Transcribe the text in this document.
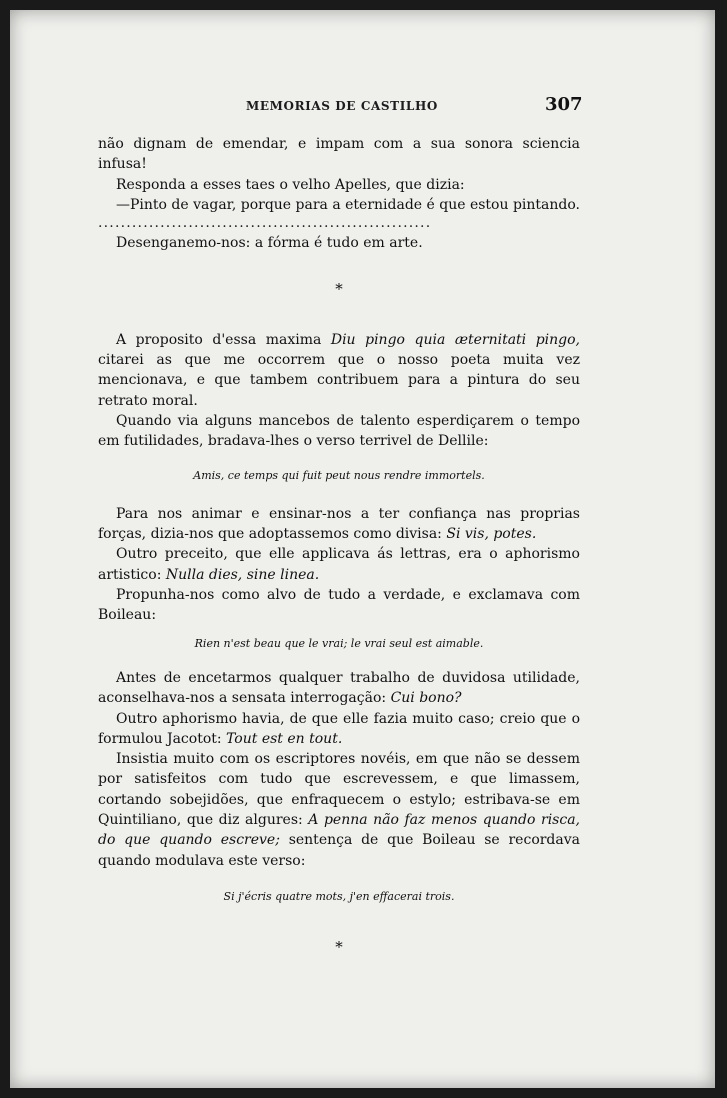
MEMORIAS DE CASTILHO	307

não dignam de emendar, e impam com a sua sonora sciencia infusa!

Responda a esses taes o velho Apelles, que dizia:

—Pinto de vagar, porque para a eternidade é que estou pintando.

...........................................................

Desenganemo-nos: a fórma é tudo em arte.

*

A proposito d'essa maxima Diu pingo quia æternitati pingo, citarei as que me occorrem que o nosso poeta muita vez mencionava, e que tambem contribuem para a pintura do seu retrato moral.

Quando via alguns mancebos de talento esperdiçarem o tempo em futilidades, bradava-lhes o verso terrivel de Dellile:

Amis, ce temps qui fuit peut nous rendre immortels.

Para nos animar e ensinar-nos a ter confiança nas proprias forças, dizia-nos que adoptassemos como divisa: Si vis, potes.

Outro preceito, que elle applicava ás lettras, era o aphorismo artistico: Nulla dies, sine linea.

Propunha-nos como alvo de tudo a verdade, e exclamava com Boileau:

Rien n'est beau que le vrai; le vrai seul est aimable.

Antes de encetarmos qualquer trabalho de duvidosa utilidade, aconselhava-nos a sensata interrogação: Cui bono?

Outro aphorismo havia, de que elle fazia muito caso; creio que o formulou Jacotot: Tout est en tout.

Insistia muito com os escriptores novéis, em que não se dessem por satisfeitos com tudo que escrevessem, e que limassem, cortando sobejidões, que enfraquecem o estylo; estribava-se em Quintiliano, que diz algures: A penna não faz menos quando risca, do que quando escreve; sentença de que Boileau se recordava quando modulava este verso:

Si j'écris quatre mots, j'en effacerai trois.
*
